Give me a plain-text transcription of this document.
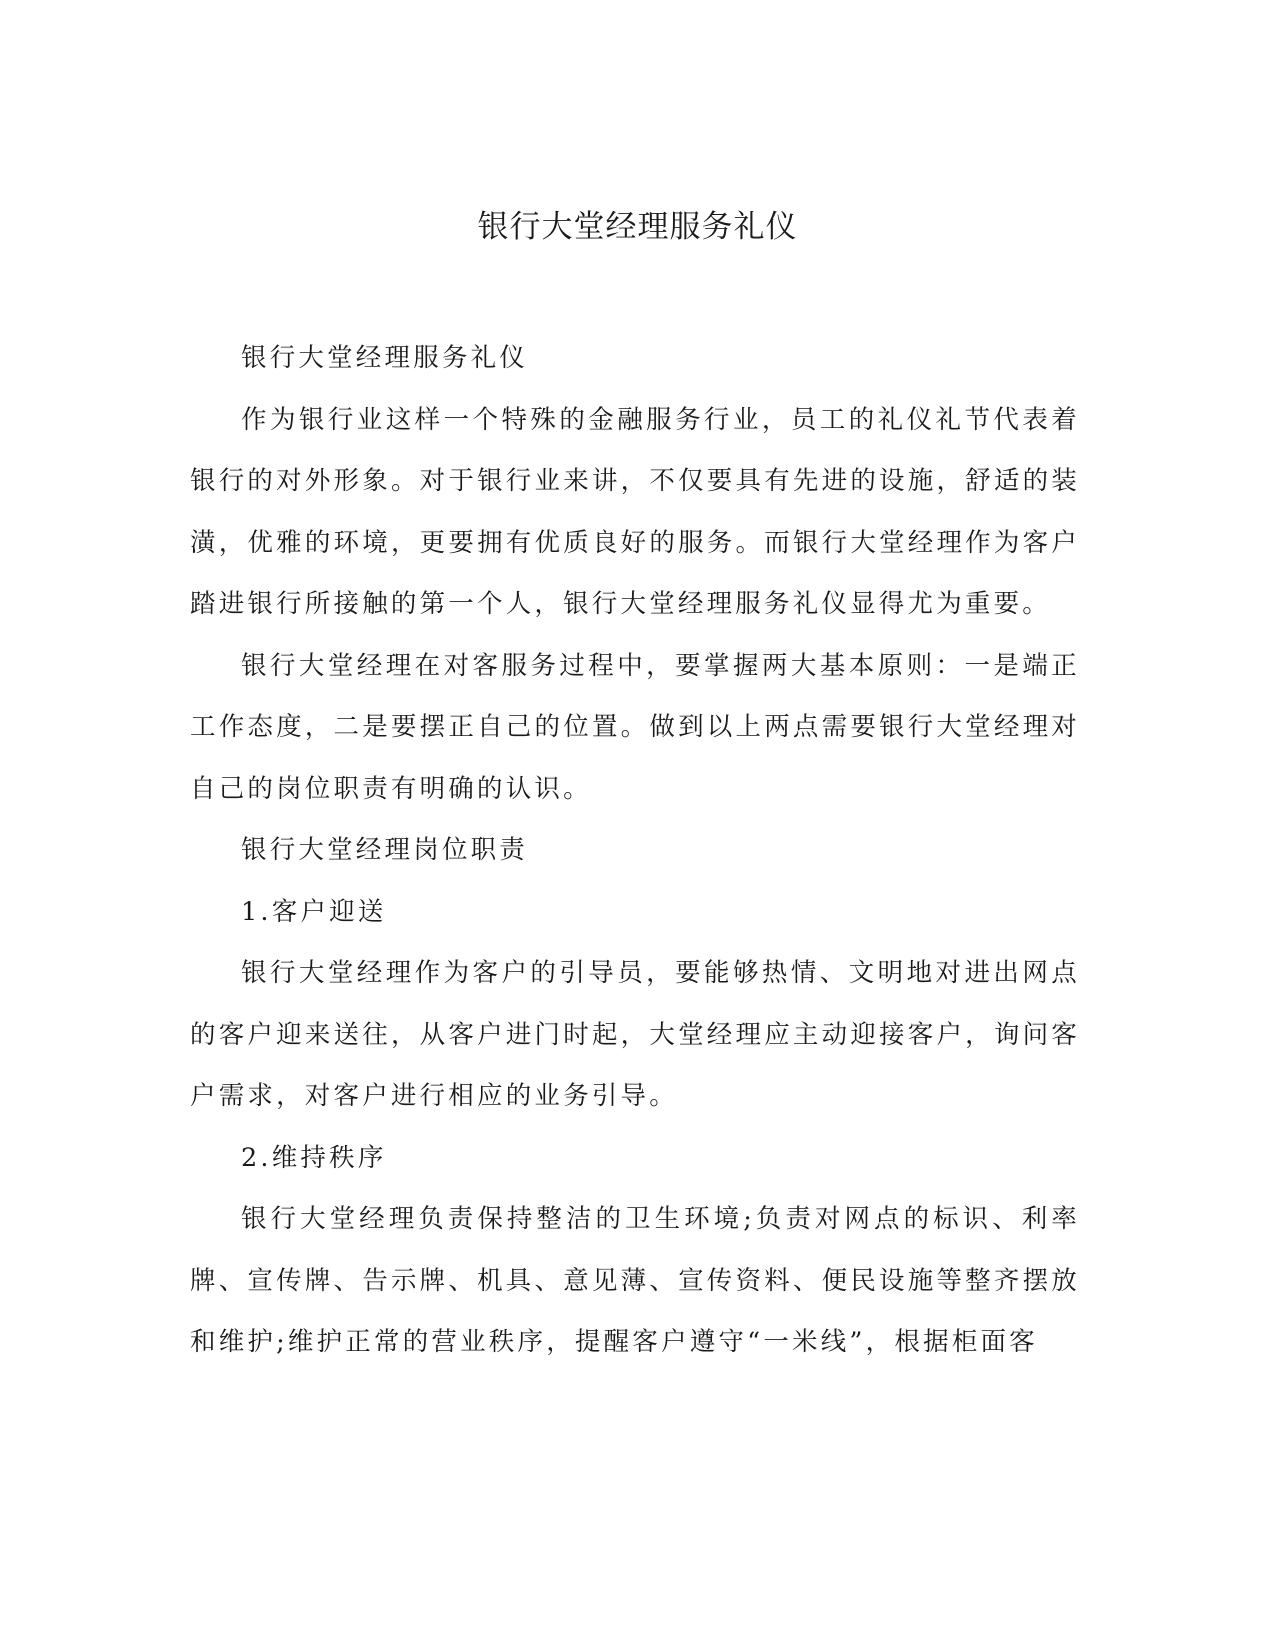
银行大堂经理服务礼仪

银行大堂经理服务礼仪

作为银行业这样一个特殊的金融服务行业，员工的礼仪礼节代表着银行的对外形象。对于银行业来讲，不仅要具有先进的设施，舒适的装潢，优雅的环境，更要拥有优质良好的服务。而银行大堂经理作为客户踏进银行所接触的第一个人，银行大堂经理服务礼仪显得尤为重要。

银行大堂经理在对客服务过程中，要掌握两大基本原则：一是端正工作态度，二是要摆正自己的位置。做到以上两点需要银行大堂经理对自己的岗位职责有明确的认识。

银行大堂经理岗位职责

1.客户迎送

银行大堂经理作为客户的引导员，要能够热情、文明地对进出网点的客户迎来送往，从客户进门时起，大堂经理应主动迎接客户，询问客户需求，对客户进行相应的业务引导。

2.维持秩序

银行大堂经理负责保持整洁的卫生环境;负责对网点的标识、利率牌、宣传牌、告示牌、机具、意见薄、宣传资料、便民设施等整齐摆放和维护;维护正常的营业秩序，提醒客户遵守“一米线”，根据柜面客
